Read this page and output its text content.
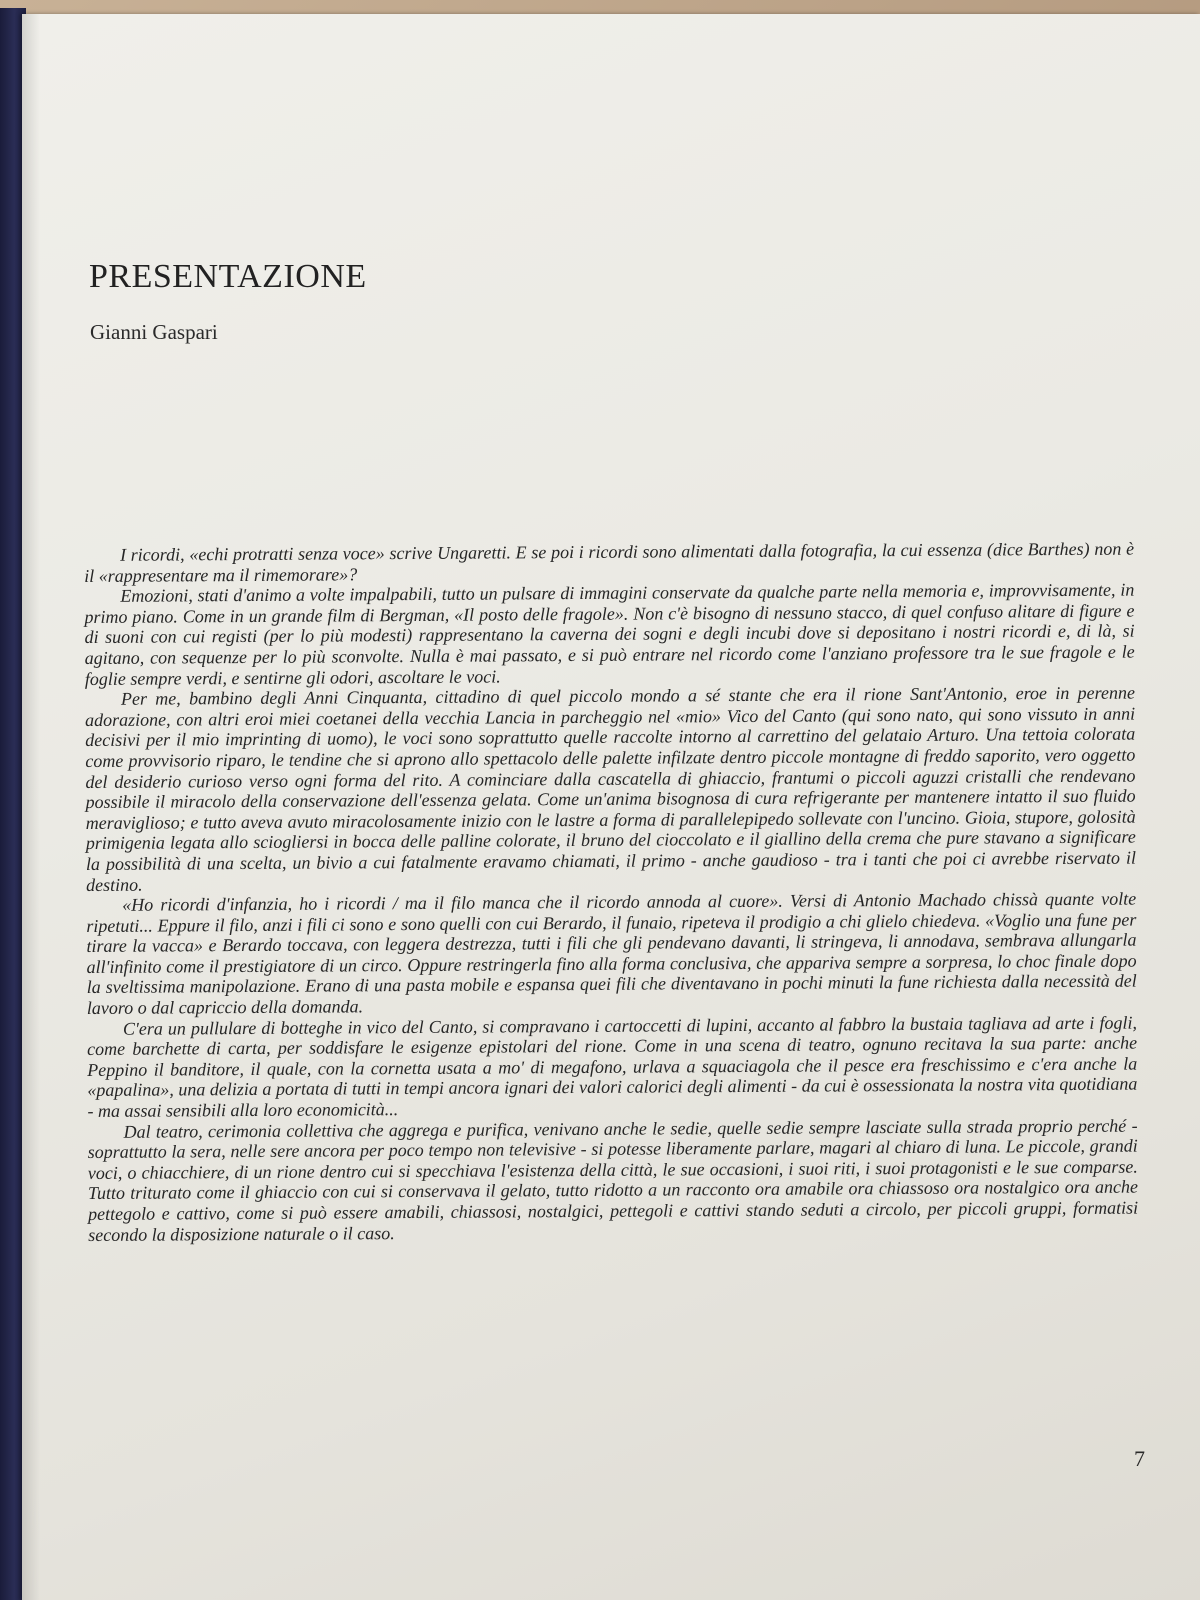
PRESENTAZIONE
Gianni Gaspari

I ricordi, «echi protratti senza voce» scrive Ungaretti. E se poi i ricordi sono alimentati dalla fotografia, la cui essenza (dice Barthes) non è il «rappresentare ma il rimemorare»?

Emozioni, stati d'animo a volte impalpabili, tutto un pulsare di immagini conservate da qualche parte nella memoria e, improvvisamente, in primo piano. Come in un grande film di Bergman, «Il posto delle fragole». Non c'è bisogno di nessuno stacco, di quel confuso alitare di figure e di suoni con cui registi (per lo più modesti) rappresentano la caverna dei sogni e degli incubi dove si depositano i nostri ricordi e, di là, si agitano, con sequenze per lo più sconvolte. Nulla è mai passato, e si può entrare nel ricordo come l'anziano professore tra le sue fragole e le foglie sempre verdi, e sentirne gli odori, ascoltare le voci.

Per me, bambino degli Anni Cinquanta, cittadino di quel piccolo mondo a sé stante che era il rione Sant'Antonio, eroe in perenne adorazione, con altri eroi miei coetanei della vecchia Lancia in parcheggio nel «mio» Vico del Canto (qui sono nato, qui sono vissuto in anni decisivi per il mio imprinting di uomo), le voci sono soprattutto quelle raccolte intorno al carrettino del gelataio Arturo. Una tettoia colorata come provvisorio riparo, le tendine che si aprono allo spettacolo delle palette infilzate dentro piccole montagne di freddo saporito, vero oggetto del desiderio curioso verso ogni forma del rito. A cominciare dalla cascatella di ghiaccio, frantumi o piccoli aguzzi cristalli che rendevano possibile il miracolo della conservazione dell'essenza gelata. Come un'anima bisognosa di cura refrigerante per mantenere intatto il suo fluido meraviglioso; e tutto aveva avuto miracolosamente inizio con le lastre a forma di parallelepipedo sollevate con l'uncino. Gioia, stupore, golosità primigenia legata allo sciogliersi in bocca delle palline colorate, il bruno del cioccolato e il giallino della crema che pure stavano a significare la possibilità di una scelta, un bivio a cui fatalmente eravamo chiamati, il primo - anche gaudioso - tra i tanti che poi ci avrebbe riservato il destino.

«Ho ricordi d'infanzia, ho i ricordi / ma il filo manca che il ricordo annoda al cuore». Versi di Antonio Machado chissà quante volte ripetuti... Eppure il filo, anzi i fili ci sono e sono quelli con cui Berardo, il funaio, ripeteva il prodigio a chi glielo chiedeva. «Voglio una fune per tirare la vacca» e Berardo toccava, con leggera destrezza, tutti i fili che gli pendevano davanti, li stringeva, li annodava, sembrava allungarla all'infinito come il prestigiatore di un circo. Oppure restringerla fino alla forma conclusiva, che appariva sempre a sorpresa, lo choc finale dopo la sveltissima manipolazione. Erano di una pasta mobile e espansa quei fili che diventavano in pochi minuti la fune richiesta dalla necessità del lavoro o dal capriccio della domanda.

C'era un pullulare di botteghe in vico del Canto, si compravano i cartoccetti di lupini, accanto al fabbro la bustaia tagliava ad arte i fogli, come barchette di carta, per soddisfare le esigenze epistolari del rione. Come in una scena di teatro, ognuno recitava la sua parte: anche Peppino il banditore, il quale, con la cornetta usata a mo' di megafono, urlava a squaciagola che il pesce era freschissimo e c'era anche la «papalina», una delizia a portata di tutti in tempi ancora ignari dei valori calorici degli alimenti - da cui è ossessionata la nostra vita quotidiana - ma assai sensibili alla loro economicità...

Dal teatro, cerimonia collettiva che aggrega e purifica, venivano anche le sedie, quelle sedie sempre lasciate sulla strada proprio perché - soprattutto la sera, nelle sere ancora per poco tempo non televisive - si potesse liberamente parlare, magari al chiaro di luna. Le piccole, grandi voci, o chiacchiere, di un rione dentro cui si specchiava l'esistenza della città, le sue occasioni, i suoi riti, i suoi protagonisti e le sue comparse. Tutto triturato come il ghiaccio con cui si conservava il gelato, tutto ridotto a un racconto ora amabile ora chiassoso ora nostalgico ora anche pettegolo e cattivo, come si può essere amabili, chiassosi, nostalgici, pettegoli e cattivi stando seduti a circolo, per piccoli gruppi, formatisi secondo la disposizione naturale o il caso.

7
